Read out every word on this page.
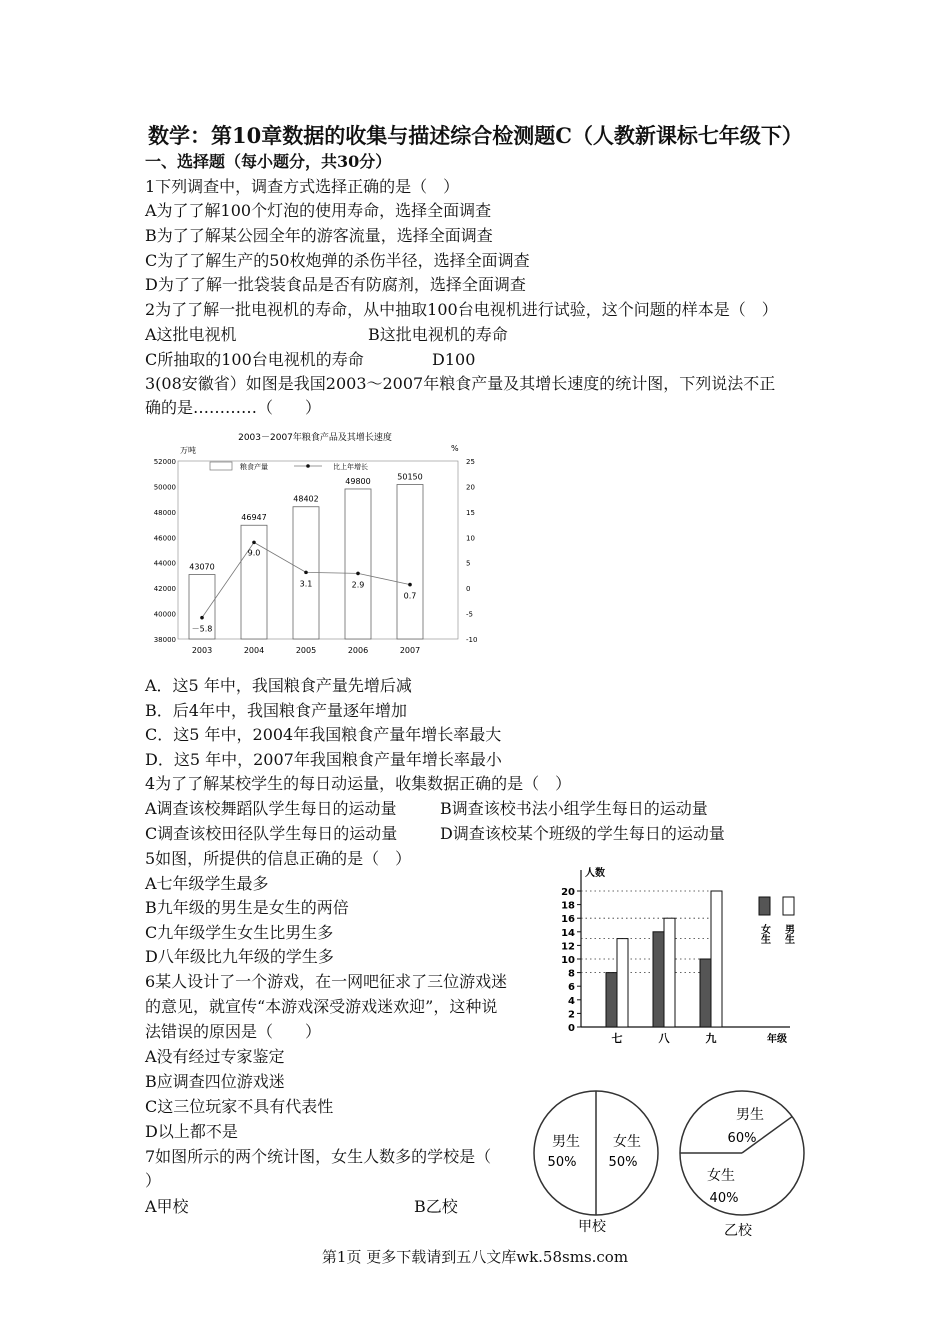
数学：第10章数据的收集与描述综合检测题C（人教新课标七年级下）
一、选择题（每小题分，共30分）
1下列调查中，调查方式选择正确的是（　）
A为了了解100个灯泡的使用寿命，选择全面调查
B为了了解某公园全年的游客流量，选择全面调查
C为了了解生产的50枚炮弹的杀伤半径，选择全面调查
D为了了解一批袋装食品是否有防腐剂，选择全面调查
2为了了解一批电视机的寿命，从中抽取100台电视机进行试验，这个问题的样本是（　）
A这批电视机	B这批电视机的寿命
C所抽取的100台电视机的寿命	D100
3(08安徽省）如图是我国2003～2007年粮食产量及其增长速度的统计图，下列说法不正
确的是…………（　　）
2003－2007年粮食产品及其增长速度
万吨	%
38000
40000
42000
44000
46000
48000
50000
52000
-10
-5
0
5
10
15
20
25
43070
2003
46947
2004
48402
2005
49800
2006
50150
2007
－5.8
9.0
3.1	2.9
0.7
粮食产量	比上年增长
A．这5 年中，我国粮食产量先增后减
B．后4年中，我国粮食产量逐年增加
C．这5 年中，2004年我国粮食产量年增长率最大
D．这5 年中，2007年我国粮食产量年增长率最小
4为了了解某校学生的每日动运量，收集数据正确的是（　）
A调查该校舞蹈队学生每日的运动量	B调查该校书法小组学生每日的运动量
C调查该校田径队学生每日的运动量	D调查该校某个班级的学生每日的运动量
5如图，所提供的信息正确的是（　）
A七年级学生最多
B九年级的男生是女生的两倍
C九年级学生女生比男生多
D八年级比九年级的学生多
人数
年级
0
2
4
6
8
10
12
14
16
18
20
七	八	九
女生 男生
6某人设计了一个游戏，在一网吧征求了三位游戏迷
的意见，就宣传“本游戏深受游戏迷欢迎”，这种说
法错误的原因是（　　）
A没有经过专家鉴定
B应调查四位游戏迷
C这三位玩家不具有代表性
D以上都不是
7如图所示的两个统计图，女生人数多的学校是（
）
A甲校	B乙校
男生
50%
女生
50%
甲校
男生
60%
女生
40%
乙校
第1页 更多下载请到五八文库wk.58sms.com
